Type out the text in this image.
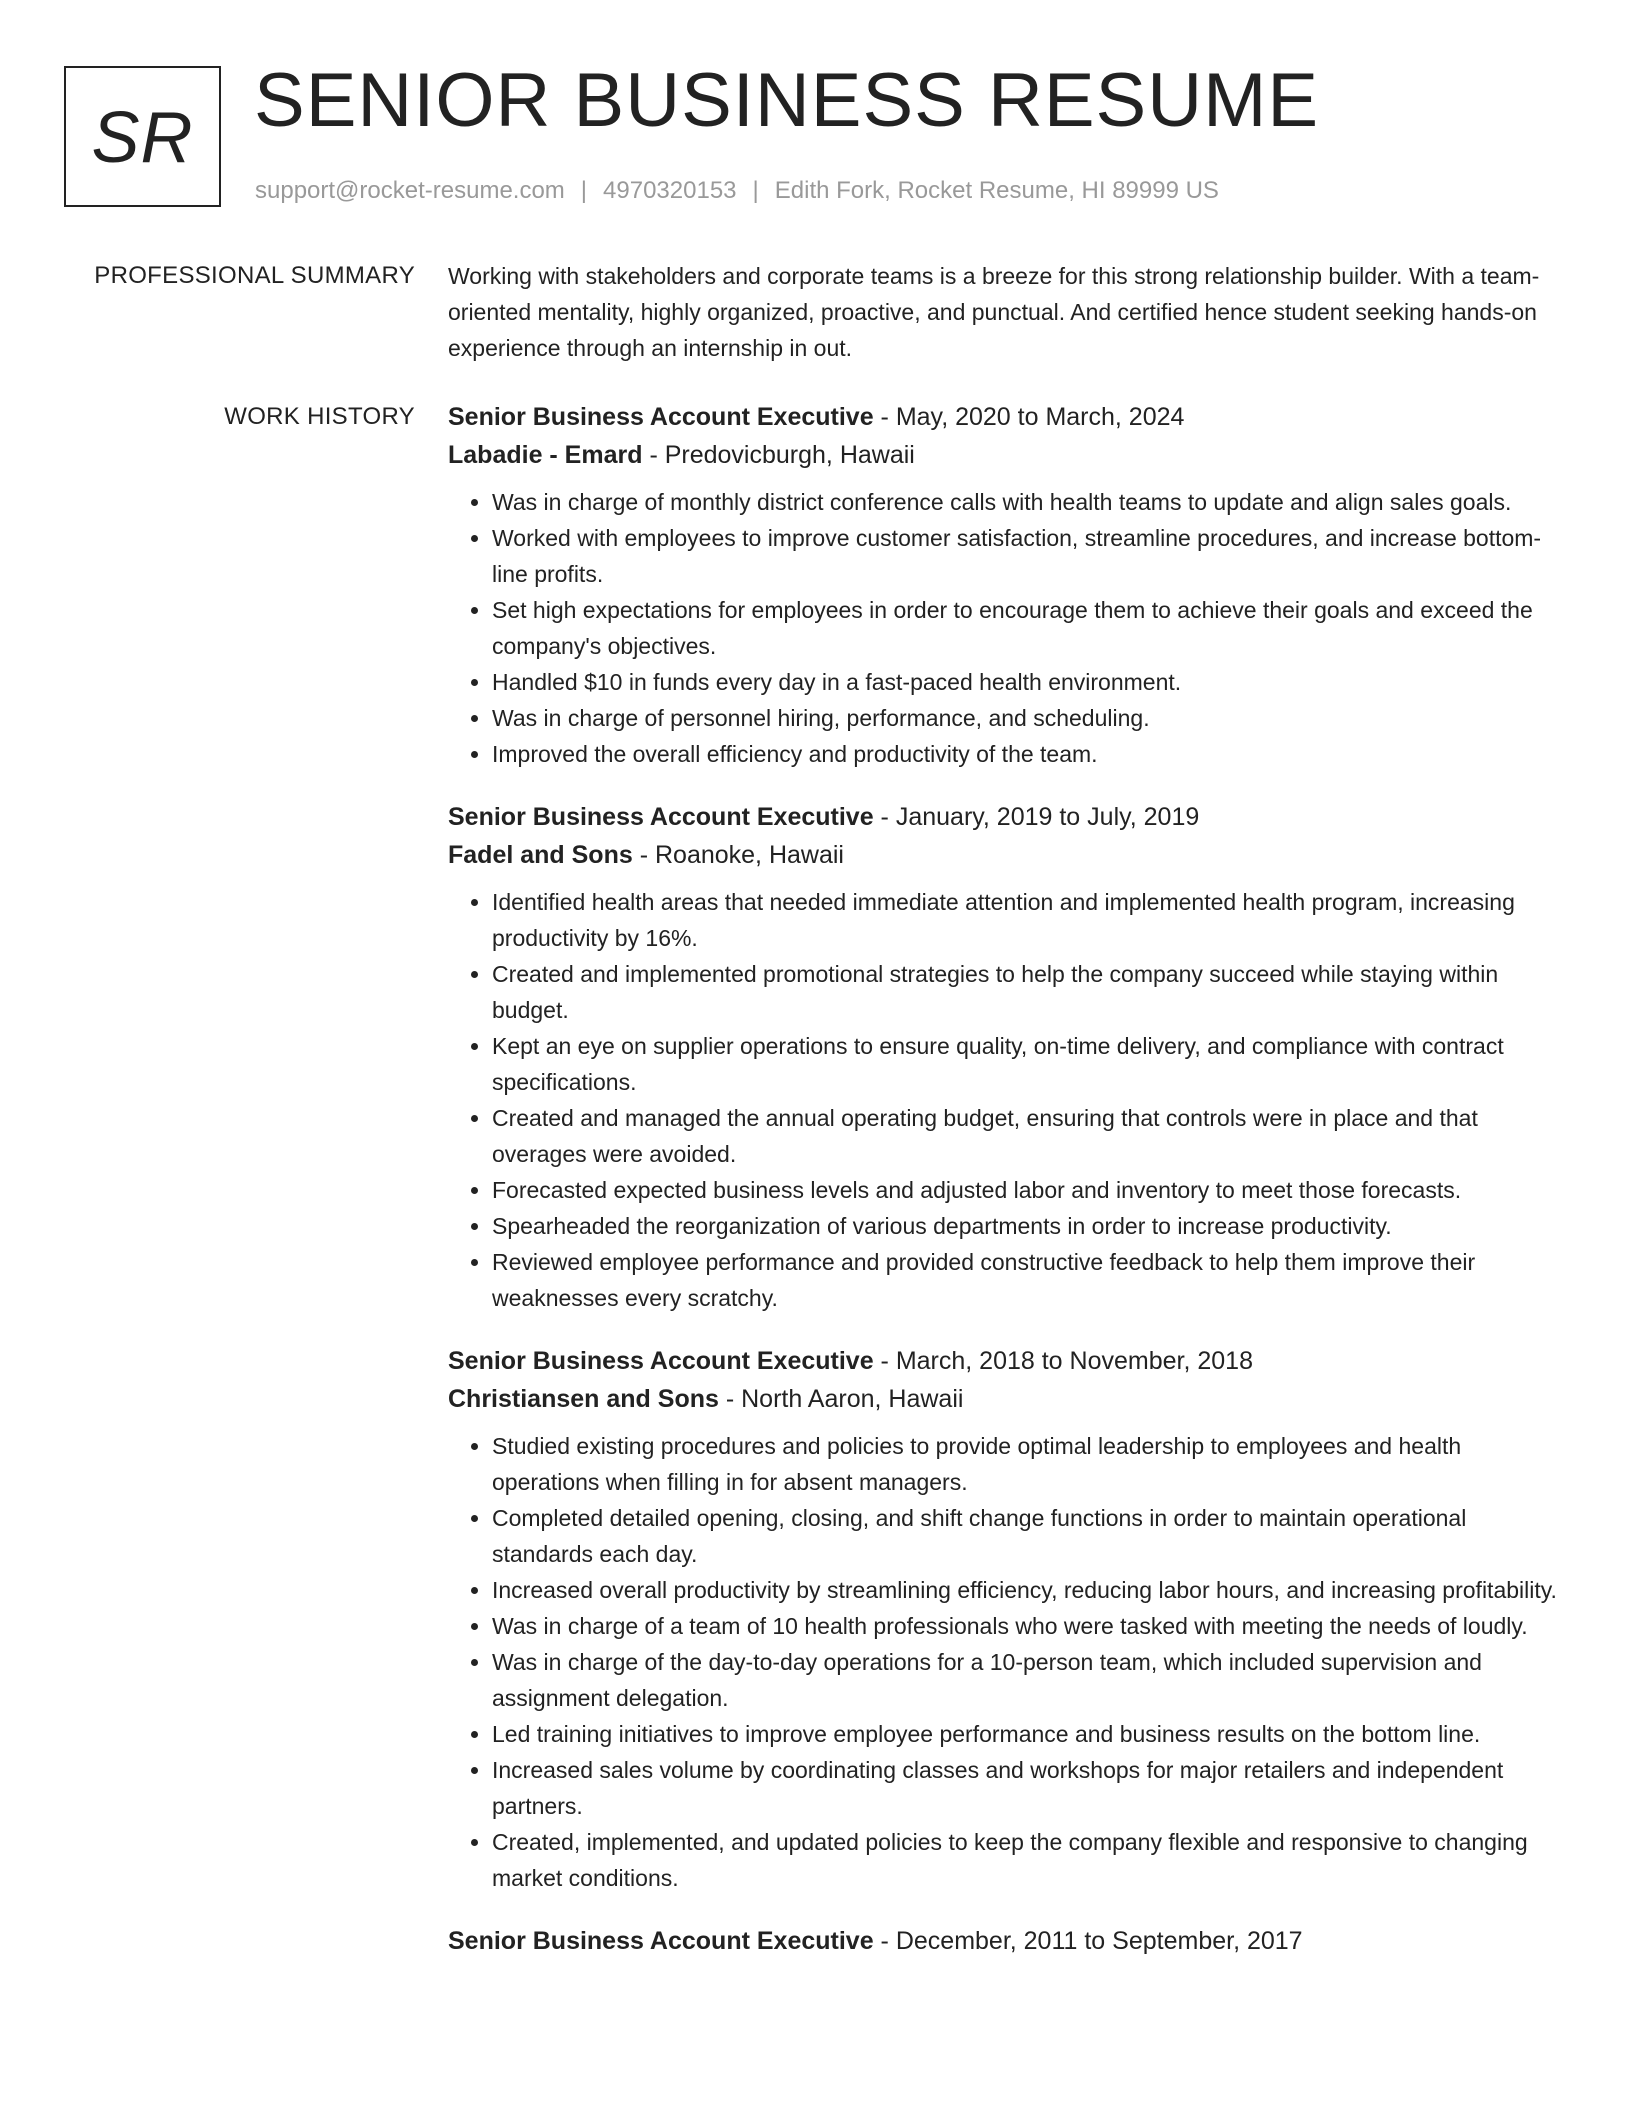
SR SENIOR BUSINESS RESUME
support@rocket-resume.com | 4970320153 | Edith Fork, Rocket Resume, HI 89999 US
PROFESSIONAL SUMMARY Working with stakeholders and corporate teams is a breeze for this strong relationship builder. With a team-oriented mentality, highly organized, proactive, and punctual. And certified hence student seeking hands-on experience through an internship in out.

WORK HISTORY Senior Business Account Executive - May, 2020 to March, 2024
Labadie - Emard - Predovicburgh, Hawaii
• Was in charge of monthly district conference calls with health teams to update and align sales goals.
• Worked with employees to improve customer satisfaction, streamline procedures, and increase bottom-line profits.
• Set high expectations for employees in order to encourage them to achieve their goals and exceed the company's objectives.
• Handled $10 in funds every day in a fast-paced health environment.
• Was in charge of personnel hiring, performance, and scheduling.
• Improved the overall efficiency and productivity of the team.
Senior Business Account Executive - January, 2019 to July, 2019
Fadel and Sons - Roanoke, Hawaii
• Identified health areas that needed immediate attention and implemented health program, increasing productivity by 16%.
• Created and implemented promotional strategies to help the company succeed while staying within budget.
• Kept an eye on supplier operations to ensure quality, on-time delivery, and compliance with contract specifications.
• Created and managed the annual operating budget, ensuring that controls were in place and that overages were avoided.
• Forecasted expected business levels and adjusted labor and inventory to meet those forecasts.
• Spearheaded the reorganization of various departments in order to increase productivity.
• Reviewed employee performance and provided constructive feedback to help them improve their weaknesses every scratchy.
Senior Business Account Executive - March, 2018 to November, 2018
Christiansen and Sons - North Aaron, Hawaii
• Studied existing procedures and policies to provide optimal leadership to employees and health operations when filling in for absent managers.
• Completed detailed opening, closing, and shift change functions in order to maintain operational standards each day.
• Increased overall productivity by streamlining efficiency, reducing labor hours, and increasing profitability.
• Was in charge of a team of 10 health professionals who were tasked with meeting the needs of loudly.
• Was in charge of the day-to-day operations for a 10-person team, which included supervision and assignment delegation.
• Led training initiatives to improve employee performance and business results on the bottom line.
• Increased sales volume by coordinating classes and workshops for major retailers and independent partners.
• Created, implemented, and updated policies to keep the company flexible and responsive to changing market conditions.
Senior Business Account Executive - December, 2011 to September, 2017
